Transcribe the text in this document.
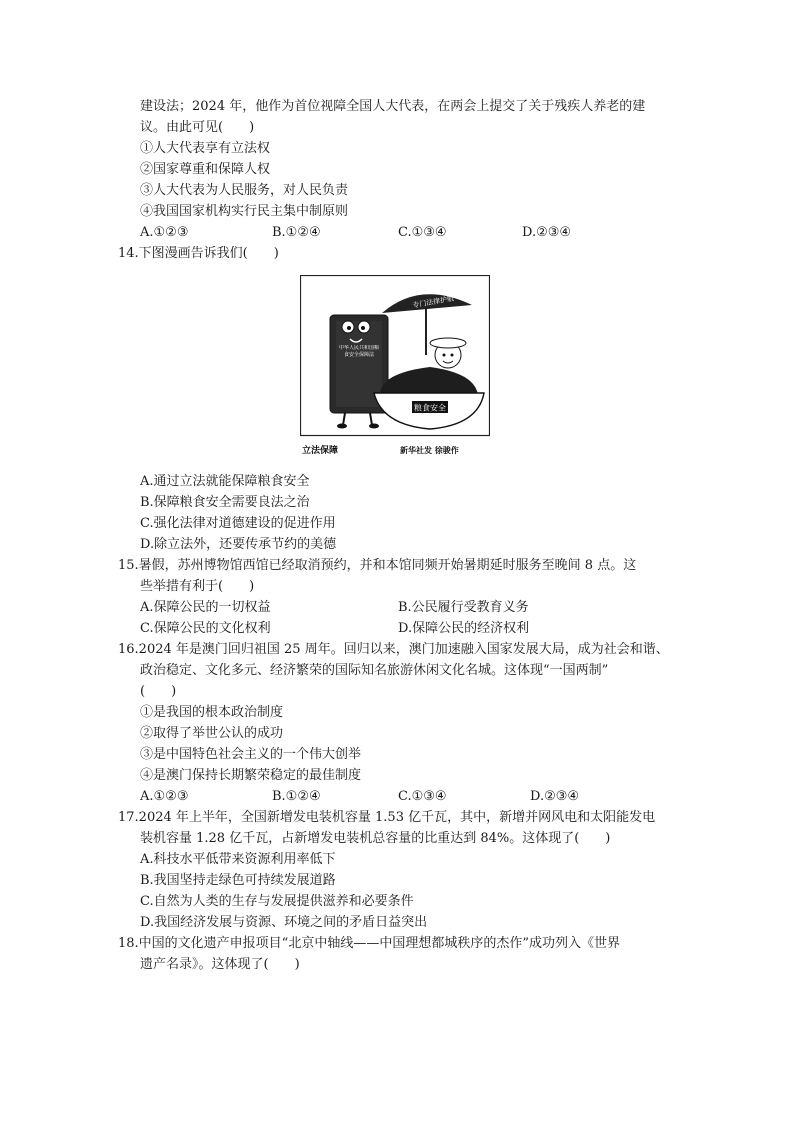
建设法；2024 年，他作为首位视障全国人大代表，在两会上提交了关于残疾人养老的建
议。由此可见(　　)
①人大代表享有立法权
②国家尊重和保障人权
③人大代表为人民服务，对人民负责
④我国国家机构实行民主集中制原则
A.①②③	B.①②④	C.①③④	D.②③④
14.下图漫画告诉我们(　　)
专门法律护航
中华人民共和国粮食安全保障法
粮食安全
立法保障	新华社发 徐骏作
A.通过立法就能保障粮食安全
B.保障粮食安全需要良法之治
C.强化法律对道德建设的促进作用
D.除立法外，还要传承节约的美德
15.暑假，苏州博物馆西馆已经取消预约，并和本馆同频开始暑期延时服务至晚间 8 点。这
些举措有利于(　　)
A.保障公民的一切权益	B.公民履行受教育义务
C.保障公民的文化权利	D.保障公民的经济权利
16.2024 年是澳门回归祖国 25 周年。回归以来，澳门加速融入国家发展大局，成为社会和谐、
政治稳定、文化多元、经济繁荣的国际知名旅游休闲文化名城。这体现“一国两制”
(　　)
①是我国的根本政治制度
②取得了举世公认的成功
③是中国特色社会主义的一个伟大创举
④是澳门保持长期繁荣稳定的最佳制度
A.①②③	B.①②④	C.①③④	D.②③④
17.2024 年上半年，全国新增发电装机容量 1.53 亿千瓦，其中，新增并网风电和太阳能发电
装机容量 1.28 亿千瓦，占新增发电装机总容量的比重达到 84%。这体现了(　　)
A.科技水平低带来资源利用率低下
B.我国坚持走绿色可持续发展道路
C.自然为人类的生存与发展提供滋养和必要条件
D.我国经济发展与资源、环境之间的矛盾日益突出
18.中国的文化遗产申报项目“北京中轴线——中国理想都城秩序的杰作”成功列入《世界
遗产名录》。这体现了(　　)
